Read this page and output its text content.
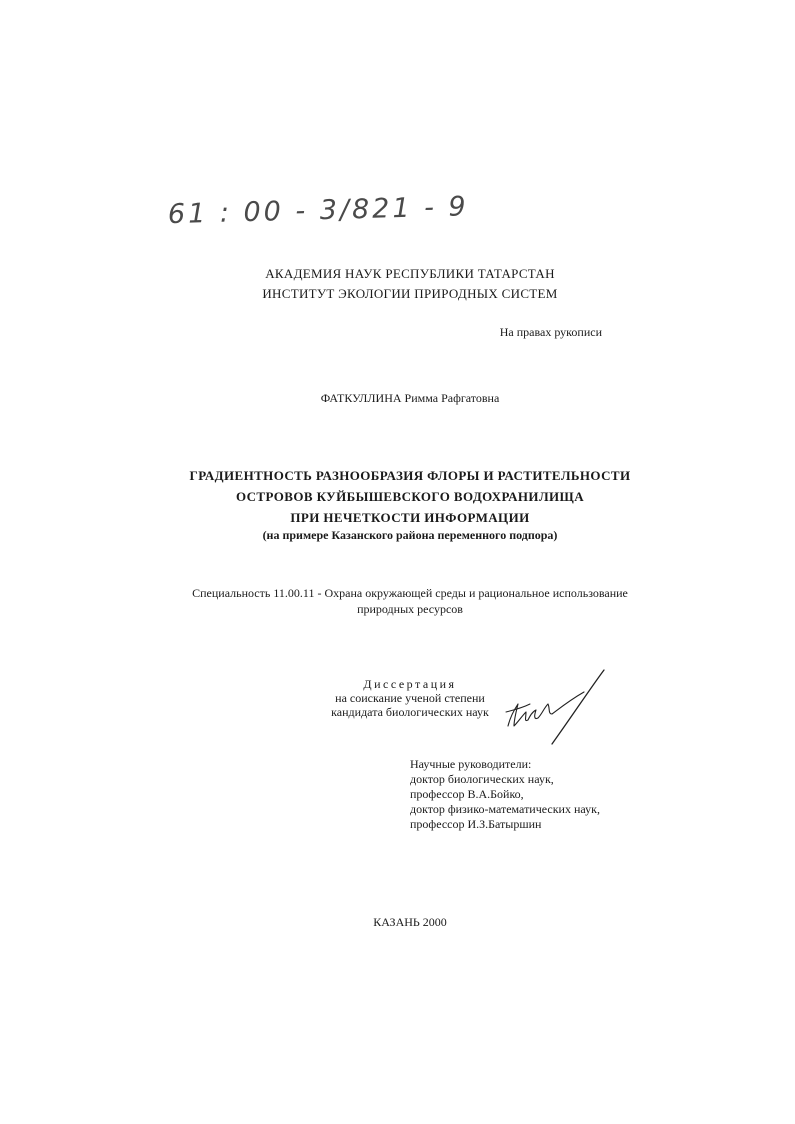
61 : 00 - 3/821 - 9
АКАДЕМИЯ НАУК РЕСПУБЛИКИ ТАТАРСТАН
ИНСТИТУТ ЭКОЛОГИИ ПРИРОДНЫХ СИСТЕМ
На правах рукописи
ФАТКУЛЛИНА Римма Рафгатовна
ГРАДИЕНТНОСТЬ РАЗНООБРАЗИЯ ФЛОРЫ И РАСТИТЕЛЬНОСТИ
ОСТРОВОВ КУЙБЫШЕВСКОГО ВОДОХРАНИЛИЩА
ПРИ НЕЧЕТКОСТИ ИНФОРМАЦИИ
(на примере Казанского района переменного подпора)
Специальность 11.00.11 - Охрана окружающей среды и рациональное использование
природных ресурсов
Диссертация
на соискание ученой степени
кандидата биологических наук
Научные руководители:
доктор биологических наук,
профессор В.А.Бойко,
доктор физико-математических наук,
профессор И.З.Батыршин
КАЗАНЬ 2000
